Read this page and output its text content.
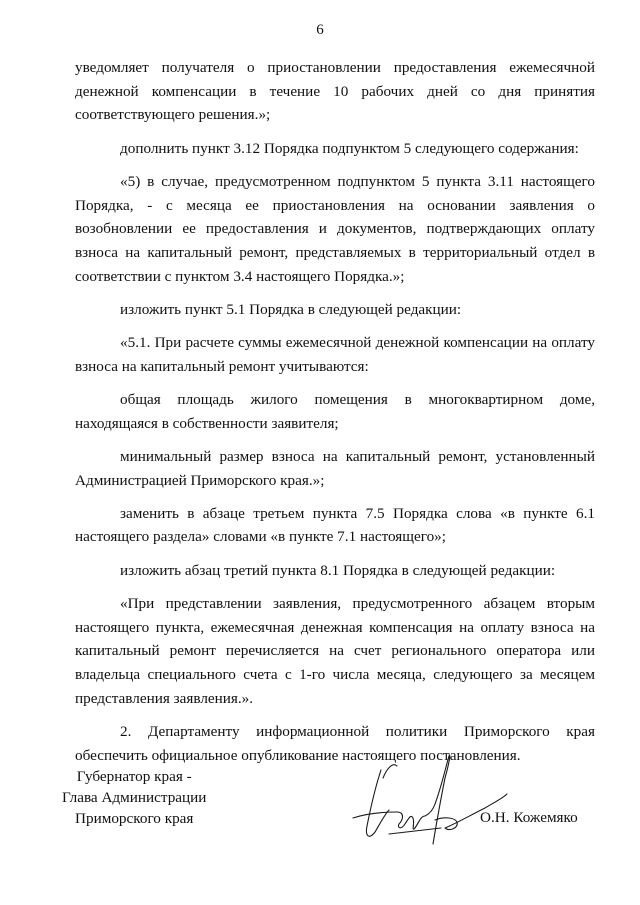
6

уведомляет получателя о приостановлении предоставления ежемесячной денежной компенсации в течение 10 рабочих дней со дня принятия соответствующего решения.»;

дополнить пункт 3.12 Порядка подпунктом 5 следующего содержания:

«5) в случае, предусмотренном подпунктом 5 пункта 3.11 настоящего Порядка, - с месяца ее приостановления на основании заявления о возобновлении ее предоставления и документов, подтверждающих оплату взноса на капитальный ремонт, представляемых в территориальный отдел в соответствии с пунктом 3.4 настоящего Порядка.»;

изложить пункт 5.1 Порядка в следующей редакции:

«5.1. При расчете суммы ежемесячной денежной компенсации на оплату взноса на капитальный ремонт учитываются:

общая площадь жилого помещения в многоквартирном доме, находящаяся в собственности заявителя;

минимальный размер взноса на капитальный ремонт, установленный Администрацией Приморского края.»;

заменить в абзаце третьем пункта 7.5 Порядка слова «в пункте 6.1 настоящего раздела» словами «в пункте 7.1 настоящего»;

изложить абзац третий пункта 8.1 Порядка в следующей редакции:

«При представлении заявления, предусмотренного абзацем вторым настоящего пункта, ежемесячная денежная компенсация на оплату взноса на капитальный ремонт перечисляется на счет регионального оператора или владельца специального счета с 1-го числа месяца, следующего за месяцем представления заявления.».

2. Департаменту информационной политики Приморского края обеспечить официальное опубликование настоящего постановления.

Губернатор края -
Глава Администрации
Приморского края	О.Н. Кожемяко
